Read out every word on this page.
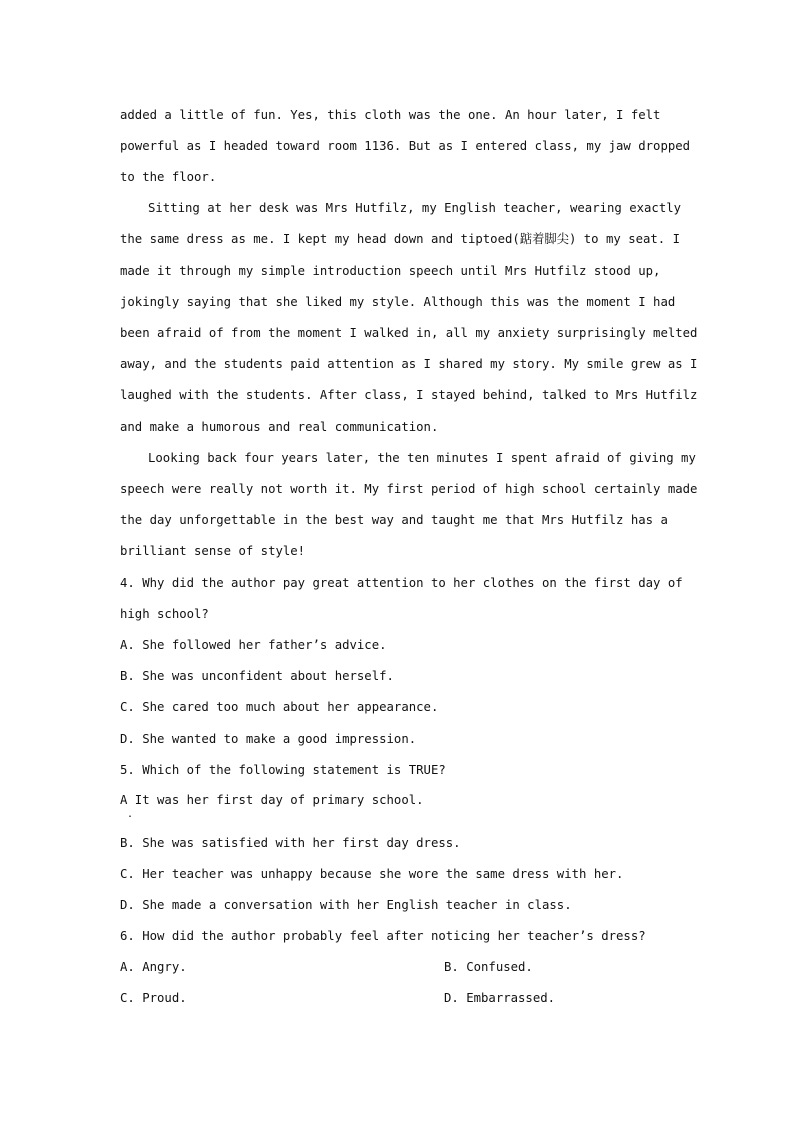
added a little of fun. Yes, this cloth was the one. An hour later, I felt
powerful as I headed toward room 1136. But as I entered class, my jaw dropped
to the floor.
Sitting at her desk was Mrs Hutfilz, my English teacher, wearing exactly
the same dress as me. I kept my head down and tiptoed(踮着脚尖) to my seat. I
made it through my simple introduction speech until Mrs Hutfilz stood up,
jokingly saying that she liked my style. Although this was the moment I had
been afraid of from the moment I walked in, all my anxiety surprisingly melted
away, and the students paid attention as I shared my story. My smile grew as I
laughed with the students. After class, I stayed behind, talked to Mrs Hutfilz
and make a humorous and real communication.
Looking back four years later, the ten minutes I spent afraid of giving my
speech were really not worth it. My first period of high school certainly made
the day unforgettable in the best way and taught me that Mrs Hutfilz has a
brilliant sense of style!
4. Why did the author pay great attention to her clothes on the first day of
high school?
A. She followed her father’s advice.
B. She was unconfident about herself.
C. She cared too much about her appearance.
D. She wanted to make a good impression.
5. Which of the following statement is TRUE?
A It was her first day of primary school.
.
B. She was satisfied with her first day dress.
C. Her teacher was unhappy because she wore the same dress with her.
D. She made a conversation with her English teacher in class.
6. How did the author probably feel after noticing her teacher’s dress?
A. Angry.	B. Confused.
C. Proud.	D. Embarrassed.
